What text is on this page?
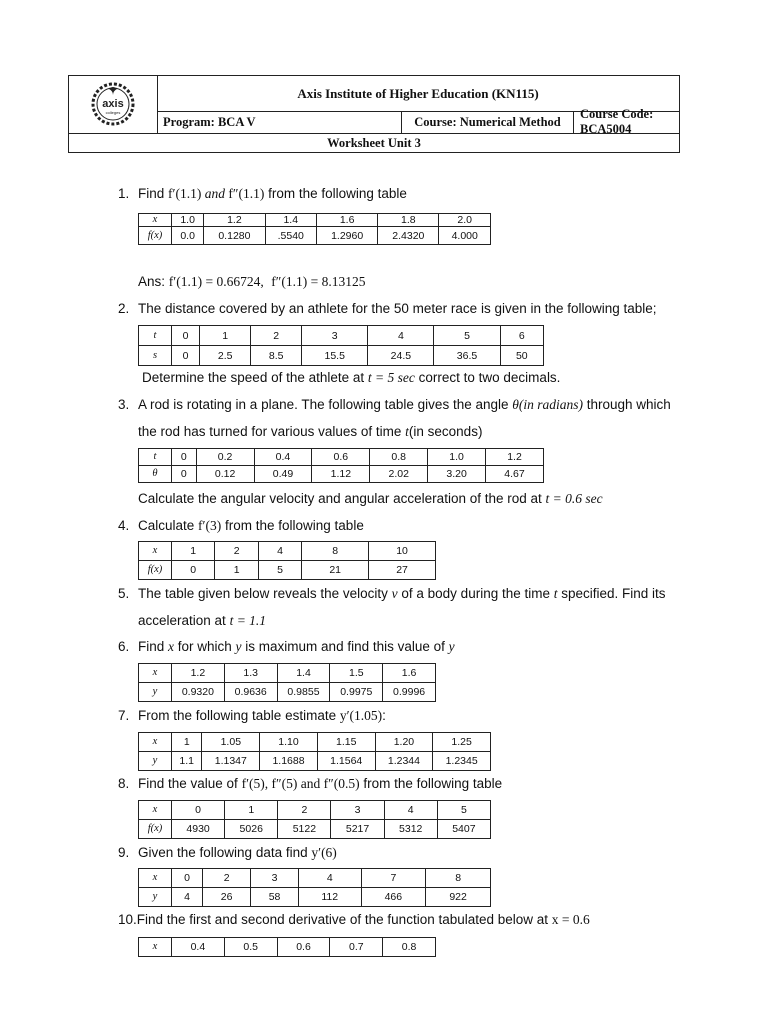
axis
colleges
Axis Institute of Higher Education (KN115)
Program: BCA V	Course: Numerical Method
Course Code: BCA5004
Worksheet Unit 3
1. Find f′(1.1) and f″(1.1) from the following table
x	1.0	1.2	1.4	1.6	1.8	2.0
f(x)	0.0	0.1280	.5540	1.2960	2.4320	4.000
Ans: f′(1.1) = 0.66724, f″(1.1) = 8.13125
2. The distance covered by an athlete for the 50 meter race is given in the following table;
t	0	1	2	3	4	5	6
s	0	2.5	8.5	15.5	24.5	36.5	50
Determine the speed of the athlete at t = 5 sec correct to two decimals.
3. A rod is rotating in a plane. The following table gives the angle θ(in radians) through which
the rod has turned for various values of time t(in seconds)
t	0	0.2	0.4	0.6	0.8	1.0	1.2
θ	0	0.12	0.49	1.12	2.02	3.20	4.67
Calculate the angular velocity and angular acceleration of the rod at t = 0.6 sec
4. Calculate f′(3) from the following table
x	1	2	4	8	10
f(x)	0	1	5	21	27
5. The table given below reveals the velocity v of a body during the time t specified. Find its
acceleration at t = 1.1
6. Find x for which y is maximum and find this value of y
x	1.2	1.3	1.4	1.5	1.6
y	0.9320	0.9636	0.9855	0.9975	0.9996
7. From the following table estimate y′(1.05):
x	1	1.05	1.10	1.15	1.20	1.25
y	1.1	1.1347	1.1688	1.1564	1.2344	1.2345
8. Find the value of f′(5), f″(5) and f″(0.5) from the following table
x	0	1	2	3	4	5
f(x)	4930	5026	5122	5217	5312	5407
9. Given the following data find y′(6)
x	0	2	3	4	7	8
y	4	26	58	112	466	922
10.Find the first and second derivative of the function tabulated below at x = 0.6
x	0.4	0.5	0.6	0.7	0.8
